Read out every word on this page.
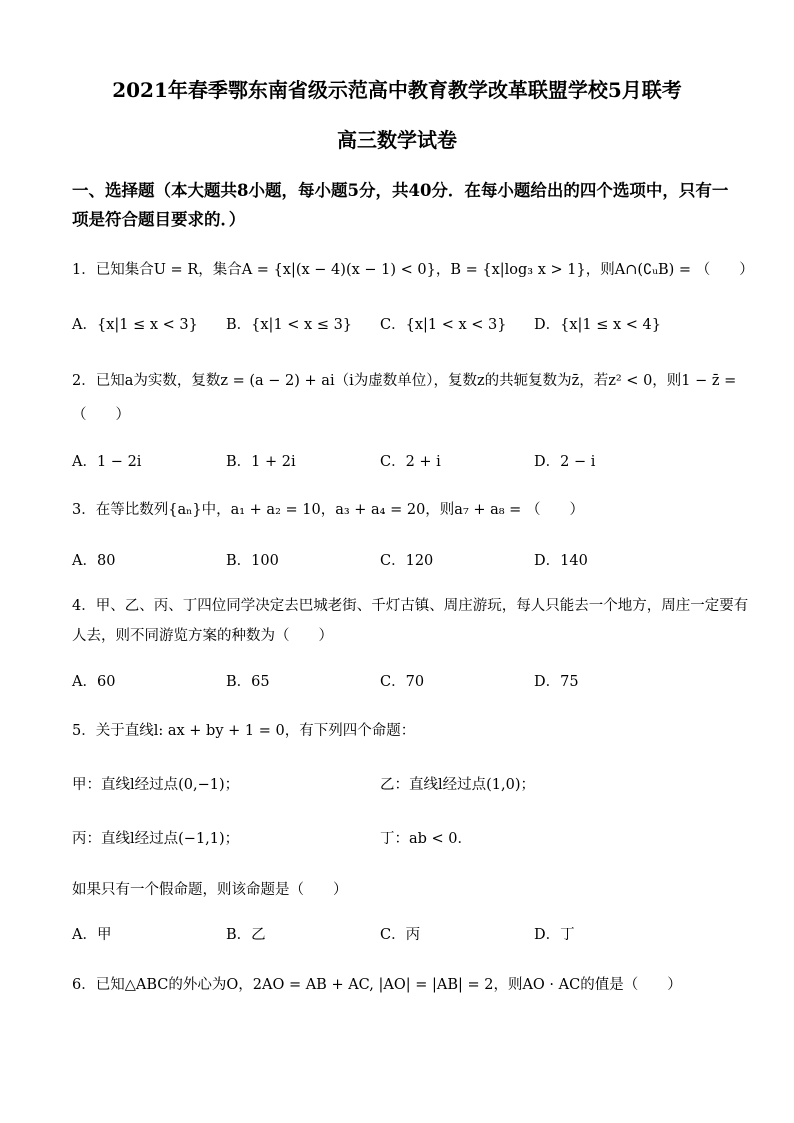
2021年春季鄂东南省级示范高中教育教学改革联盟学校5月联考
高三数学试卷
一、选择题（本大题共8小题，每小题5分，共40分．在每小题给出的四个选项中，只有一
项是符合题目要求的．）
1．已知集合U = R，集合A = {x|(x − 4)(x − 1) < 0}，B = {x|log₃ x > 1}，则A∩(∁ᵤB) = （　　）
A．{x|1 ≤ x < 3} B．{x|1 < x ≤ 3} C．{x|1 < x < 3} D．{x|1 ≤ x < 4}
2．已知a为实数，复数z = (a − 2) + ai（i为虚数单位），复数z的共轭复数为z̄，若z² < 0，则1 − z̄ =
（　　）
A．1 − 2i	B．1 + 2i	C．2 + i	D．2 − i
3．在等比数列{aₙ}中，a₁ + a₂ = 10，a₃ + a₄ = 20，则a₇ + a₈ = （　　）
A．80	B．100	C．120	D．140
4．甲、乙、丙、丁四位同学决定去巴城老街、千灯古镇、周庄游玩，每人只能去一个地方，周庄一定要有
人去，则不同游览方案的种数为（　　）
A．60	B．65	C．70	D．75
5．关于直线l: ax + by + 1 = 0，有下列四个命题：
甲：直线l经过点(0,−1)；	乙：直线l经过点(1,0)；
丙：直线l经过点(−1,1)；	丁：ab < 0．
如果只有一个假命题，则该命题是（　　）
A．甲	B．乙	C．丙	D．丁
6．已知△ABC的外心为O，2AO = AB + AC, |AO| = |AB| = 2，则AO · AC的值是（　　）
